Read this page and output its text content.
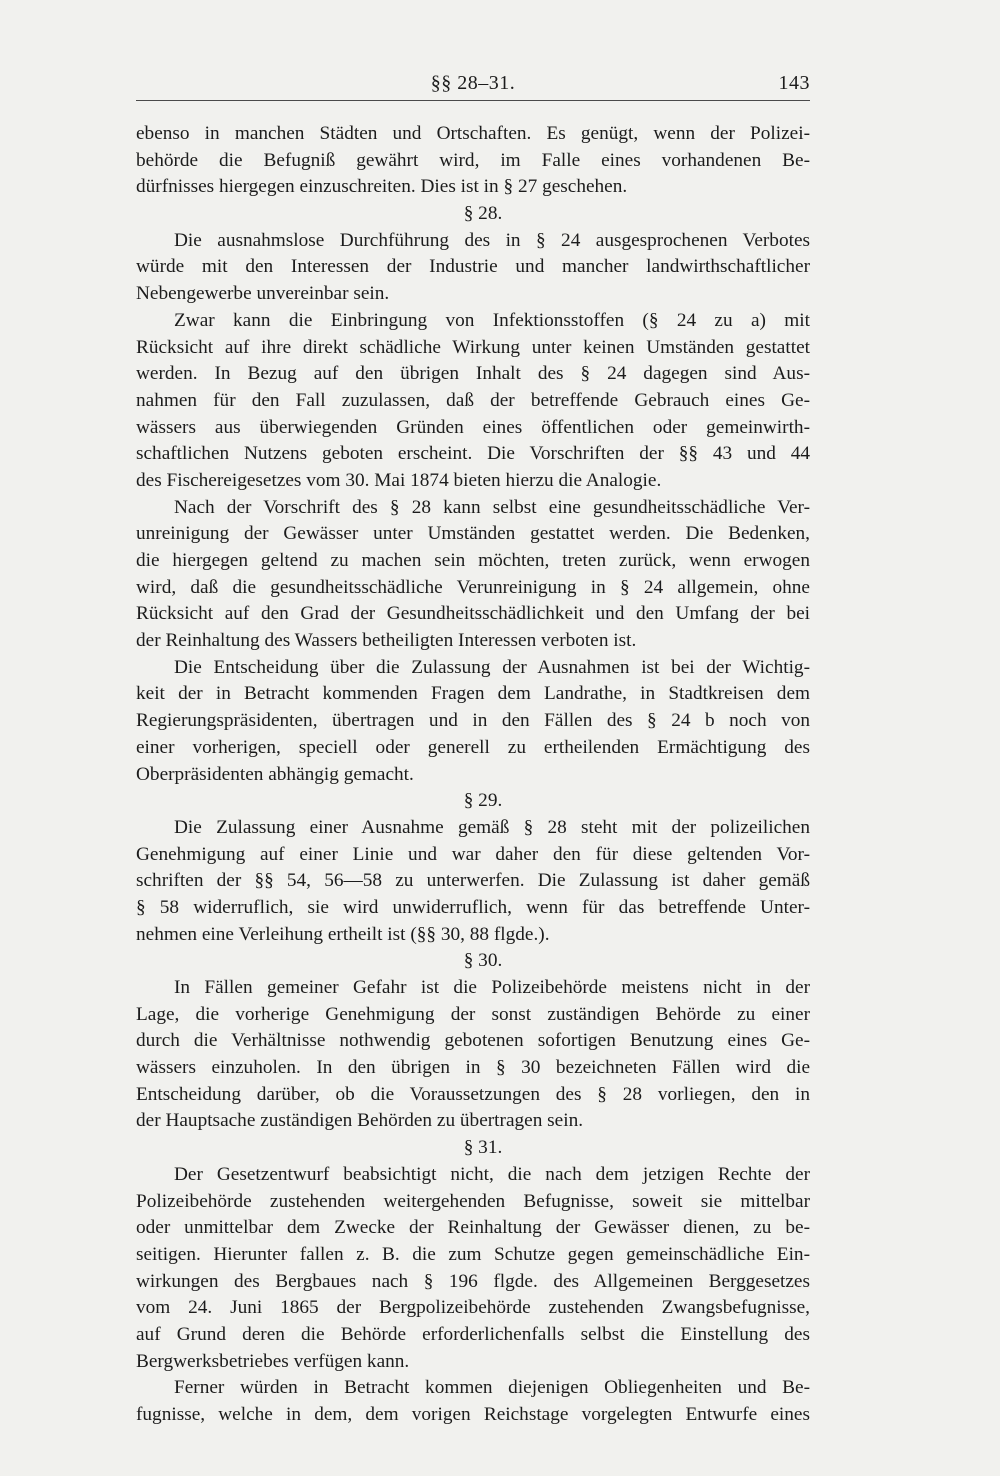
§§ 28–31.	143
ebenso in manchen Städten und Ortschaften. Es genügt, wenn der Polizei-
behörde die Befugniß gewährt wird, im Falle eines vorhandenen Be-
dürfnisses hiergegen einzuschreiten. Dies ist in § 27 geschehen.
§ 28.
Die ausnahmslose Durchführung des in § 24 ausgesprochenen Verbotes
würde mit den Interessen der Industrie und mancher landwirthschaftlicher
Nebengewerbe unvereinbar sein.
Zwar kann die Einbringung von Infektionsstoffen (§ 24 zu a) mit
Rücksicht auf ihre direkt schädliche Wirkung unter keinen Umständen gestattet
werden. In Bezug auf den übrigen Inhalt des § 24 dagegen sind Aus-
nahmen für den Fall zuzulassen, daß der betreffende Gebrauch eines Ge-
wässers aus überwiegenden Gründen eines öffentlichen oder gemeinwirth-
schaftlichen Nutzens geboten erscheint. Die Vorschriften der §§ 43 und 44
des Fischereigesetzes vom 30. Mai 1874 bieten hierzu die Analogie.
Nach der Vorschrift des § 28 kann selbst eine gesundheitsschädliche Ver-
unreinigung der Gewässer unter Umständen gestattet werden. Die Bedenken,
die hiergegen geltend zu machen sein möchten, treten zurück, wenn erwogen
wird, daß die gesundheitsschädliche Verunreinigung in § 24 allgemein, ohne
Rücksicht auf den Grad der Gesundheitsschädlichkeit und den Umfang der bei
der Reinhaltung des Wassers betheiligten Interessen verboten ist.
Die Entscheidung über die Zulassung der Ausnahmen ist bei der Wichtig-
keit der in Betracht kommenden Fragen dem Landrathe, in Stadtkreisen dem
Regierungspräsidenten, übertragen und in den Fällen des § 24 b noch von
einer vorherigen, speciell oder generell zu ertheilenden Ermächtigung des
Oberpräsidenten abhängig gemacht.
§ 29.
Die Zulassung einer Ausnahme gemäß § 28 steht mit der polizeilichen
Genehmigung auf einer Linie und war daher den für diese geltenden Vor-
schriften der §§ 54, 56—58 zu unterwerfen. Die Zulassung ist daher gemäß
§ 58 widerruflich, sie wird unwiderruflich, wenn für das betreffende Unter-
nehmen eine Verleihung ertheilt ist (§§ 30, 88 flgde.).
§ 30.
In Fällen gemeiner Gefahr ist die Polizeibehörde meistens nicht in der
Lage, die vorherige Genehmigung der sonst zuständigen Behörde zu einer
durch die Verhältnisse nothwendig gebotenen sofortigen Benutzung eines Ge-
wässers einzuholen. In den übrigen in § 30 bezeichneten Fällen wird die
Entscheidung darüber, ob die Voraussetzungen des § 28 vorliegen, den in
der Hauptsache zuständigen Behörden zu übertragen sein.
§ 31.
Der Gesetzentwurf beabsichtigt nicht, die nach dem jetzigen Rechte der
Polizeibehörde zustehenden weitergehenden Befugnisse, soweit sie mittelbar
oder unmittelbar dem Zwecke der Reinhaltung der Gewässer dienen, zu be-
seitigen. Hierunter fallen z. B. die zum Schutze gegen gemeinschädliche Ein-
wirkungen des Bergbaues nach § 196 flgde. des Allgemeinen Berggesetzes
vom 24. Juni 1865 der Bergpolizeibehörde zustehenden Zwangsbefugnisse,
auf Grund deren die Behörde erforderlichenfalls selbst die Einstellung des
Bergwerksbetriebes verfügen kann.
Ferner würden in Betracht kommen diejenigen Obliegenheiten und Be-
fugnisse, welche in dem, dem vorigen Reichstage vorgelegten Entwurfe eines
